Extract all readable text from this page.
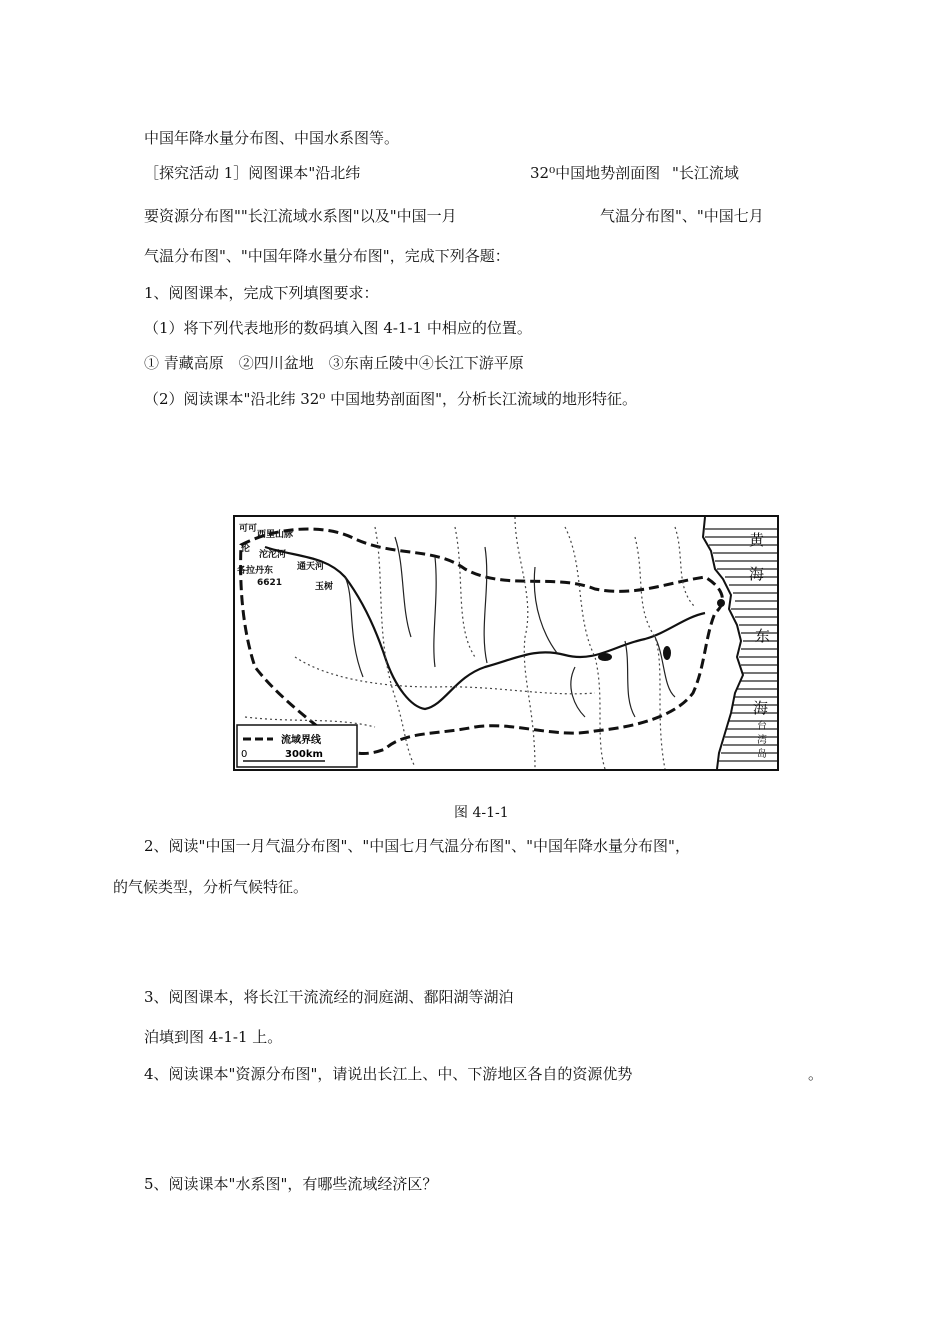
中国年降水量分布图、中国水系图等。
［探究活动 1］阅图课本"沿北纬	32⁰中国地势剖面图 "长江流域
要资源分布图""长江流域水系图"以及"中国一月	气温分布图"、"中国七月
气温分布图"、"中国年降水量分布图"，完成下列各题：
1、阅图课本，完成下列填图要求：
（1）将下列代表地形的数码填入图 4-1-1 中相应的位置。
① 青藏高原　②四川盆地　③东南丘陵中④长江下游平原
（2）阅读课本"沿北纬 32⁰ 中国地势剖面图"，分析长江流域的地形特征。
可可
西里山脉
伦
沱沱河
各拉丹东
6621
通天河
玉树
黄
海
东
海
台
湾
岛
流域界线
0	300km
图 4-1-1
2、阅读"中国一月气温分布图"、"中国七月气温分布图"、"中国年降水量分布图"，
的气候类型，分析气候特征。
3、阅图课本，将长江干流流经的洞庭湖、鄱阳湖等湖泊
泊填到图 4-1-1 上。
4、阅读课本"资源分布图"，请说出长江上、中、下游地区各自的资源优势	。
5、阅读课本"水系图"，有哪些流域经济区？
